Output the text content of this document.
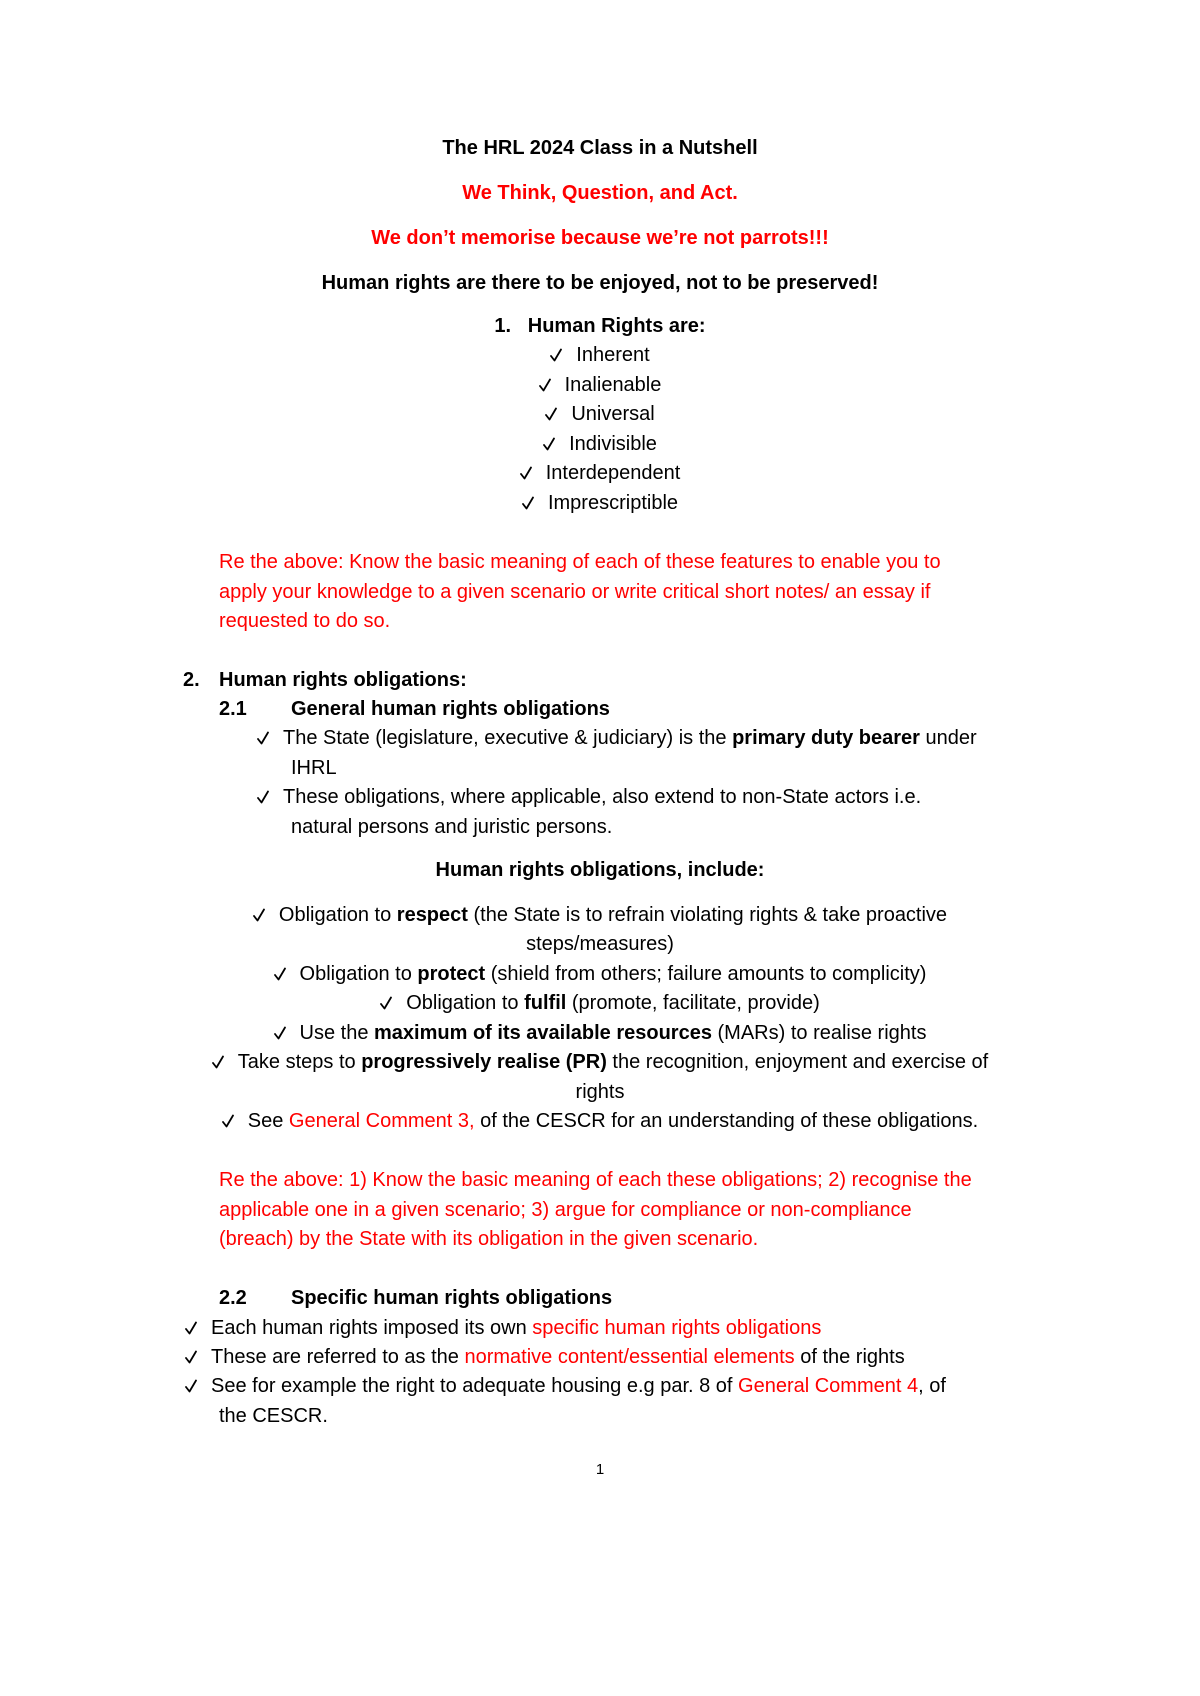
The HRL 2024 Class in a Nutshell
We Think, Question, and Act.
We don’t memorise because we’re not parrots!!!
Human rights are there to be enjoyed, not to be preserved!
1. Human Rights are:
Inherent
Inalienable
Universal
Indivisible
Interdependent
Imprescriptible
Re the above: Know the basic meaning of each of these features to enable you to
apply your knowledge to a given scenario or write critical short notes/ an essay if
requested to do so.
2. Human rights obligations:
2.1 General human rights obligations
The State (legislature, executive & judiciary) is the primary duty bearer under
IHRL
These obligations, where applicable, also extend to non-State actors i.e.
natural persons and juristic persons.
Human rights obligations, include:
Obligation to respect (the State is to refrain violating rights & take proactive
steps/measures)
Obligation to protect (shield from others; failure amounts to complicity)
Obligation to fulfil (promote, facilitate, provide)
Use the maximum of its available resources (MARs) to realise rights
Take steps to progressively realise (PR) the recognition, enjoyment and exercise of
rights
See General Comment 3, of the CESCR for an understanding of these obligations.
Re the above: 1) Know the basic meaning of each these obligations; 2) recognise the
applicable one in a given scenario; 3) argue for compliance or non-compliance
(breach) by the State with its obligation in the given scenario.
2.2 Specific human rights obligations
Each human rights imposed its own specific human rights obligations
These are referred to as the normative content/essential elements of the rights
See for example the right to adequate housing e.g par. 8 of General Comment 4, of
the CESCR.
1
